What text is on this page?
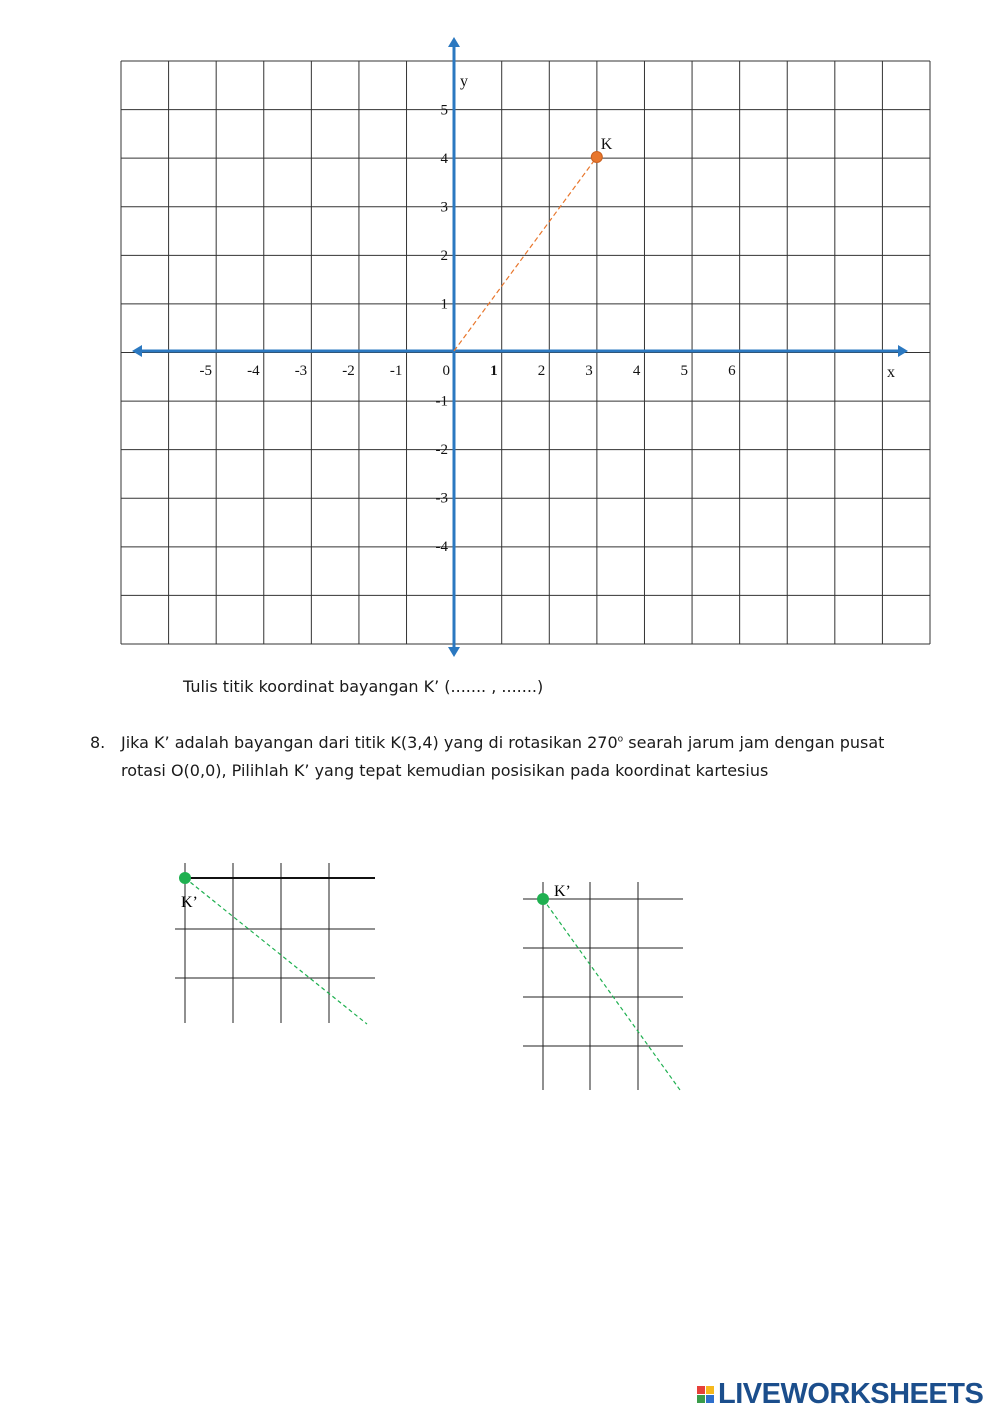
-5 -4 -3 -2 -1	0	1	2	3	4	5	6
5
4
3
2
1
-1
-2
-3
-4
x
y
K
Tulis titik koordinat bayangan K’ (....... , .......)
8. Jika K’ adalah bayangan dari titik K(3,4) yang di rotasikan 270$^o$ searah jarum jam dengan pusat
rotasi O(0,0), Pilihlah K’ yang tepat kemudian posisikan pada koordinat kartesius
K’
K’
LIVEWORKSHEETS
